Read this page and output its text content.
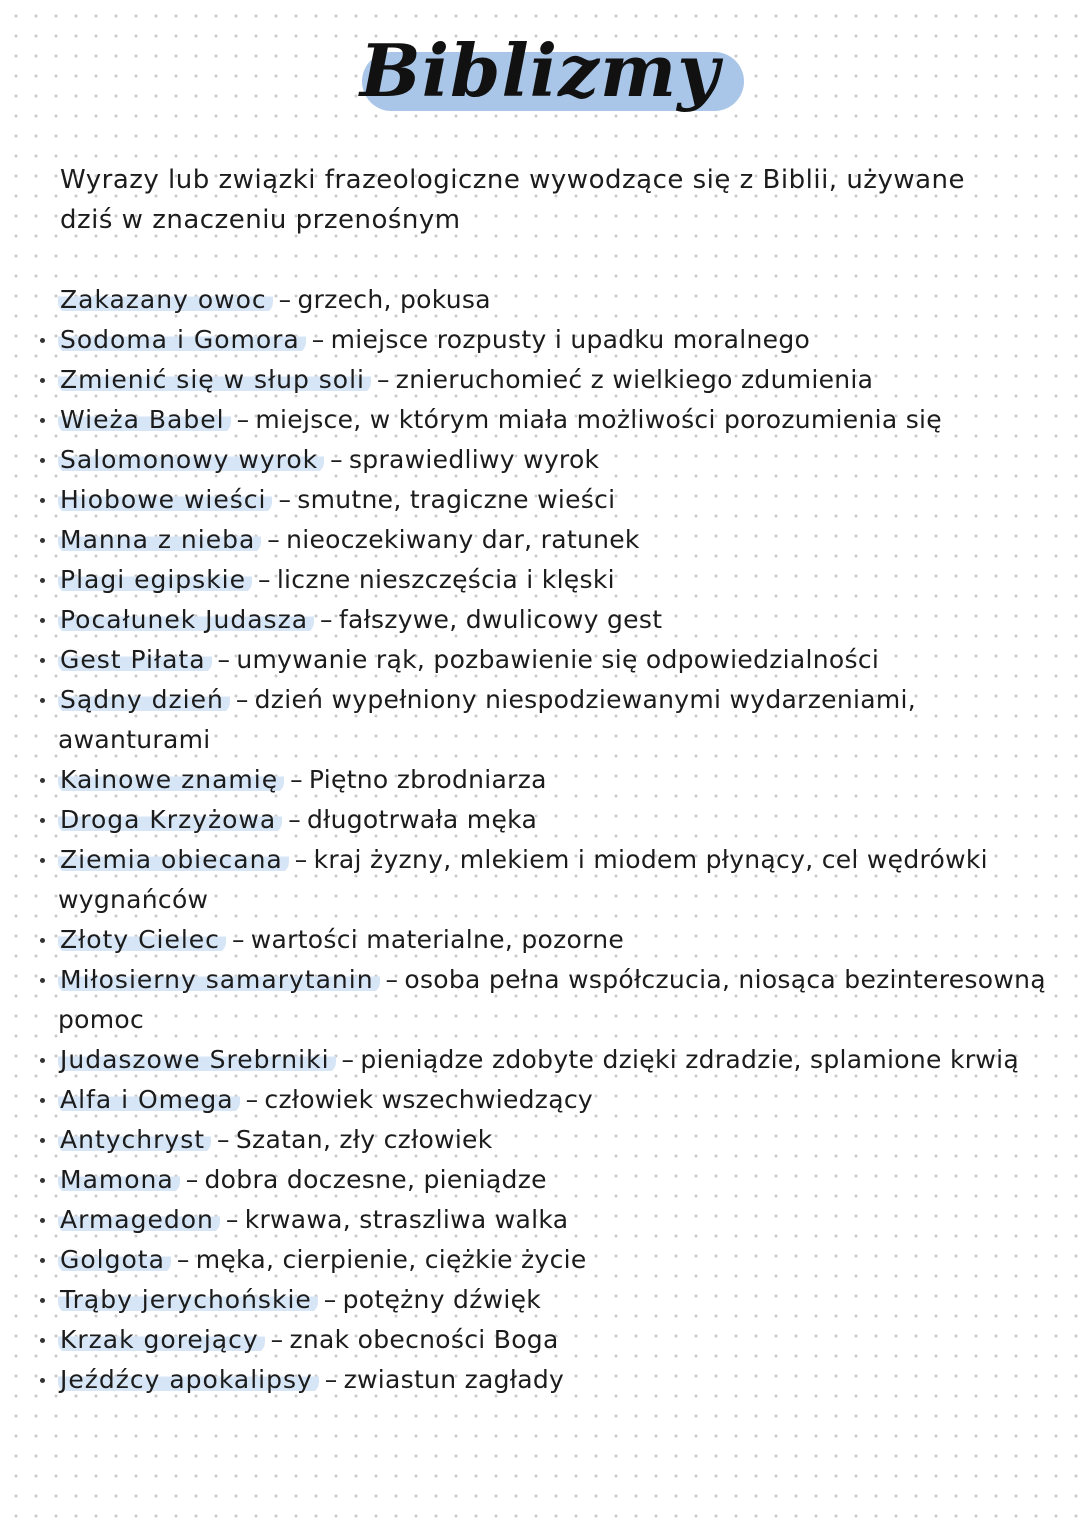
Biblizmy
Wyrazy lub związki frazeologiczne wywodzące się z Biblii, używane dziś w znaczeniu przenośnym
Zakazany owoc – grzech, pokusa
Sodoma i Gomora – miejsce rozpusty i upadku moralnego
Zmienić się w słup soli – znieruchomieć z wielkiego zdumienia
Wieża Babel – miejsce, w którym miała możliwości porozumienia się
Salomonowy wyrok – sprawiedliwy wyrok
Hiobowe wieści – smutne, tragiczne wieści
Manna z nieba – nieoczekiwany dar, ratunek
Plagi egipskie – liczne nieszczęścia i klęski
Pocałunek Judasza – fałszywe, dwulicowy gest
Gest Piłata – umywanie rąk, pozbawienie się odpowiedzialności
Sądny dzień – dzień wypełniony niespodziewanymi wydarzeniami, awanturami
Kainowe znamię – Piętno zbrodniarza
Droga Krzyżowa – długotrwała męka
Ziemia obiecana – kraj żyzny, mlekiem i miodem płynący, cel wędrówki wygnańców
Złoty Cielec – wartości materialne, pozorne
Miłosierny samarytanin – osoba pełna współczucia, niosąca bezinteresowną pomoc
Judaszowe Srebrniki – pieniądze zdobyte dzięki zdradzie, splamione krwią
Alfa i Omega – człowiek wszechwiedzący
Antychryst – Szatan, zły człowiek
Mamona – dobra doczesne, pieniądze
Armagedon – krwawa, straszliwa walka
Golgota – męka, cierpienie, ciężkie życie
Trąby jerychońskie – potężny dźwięk
Krzak gorejący – znak obecności Boga
Jeźdźcy apokalipsy – zwiastun zagłady
